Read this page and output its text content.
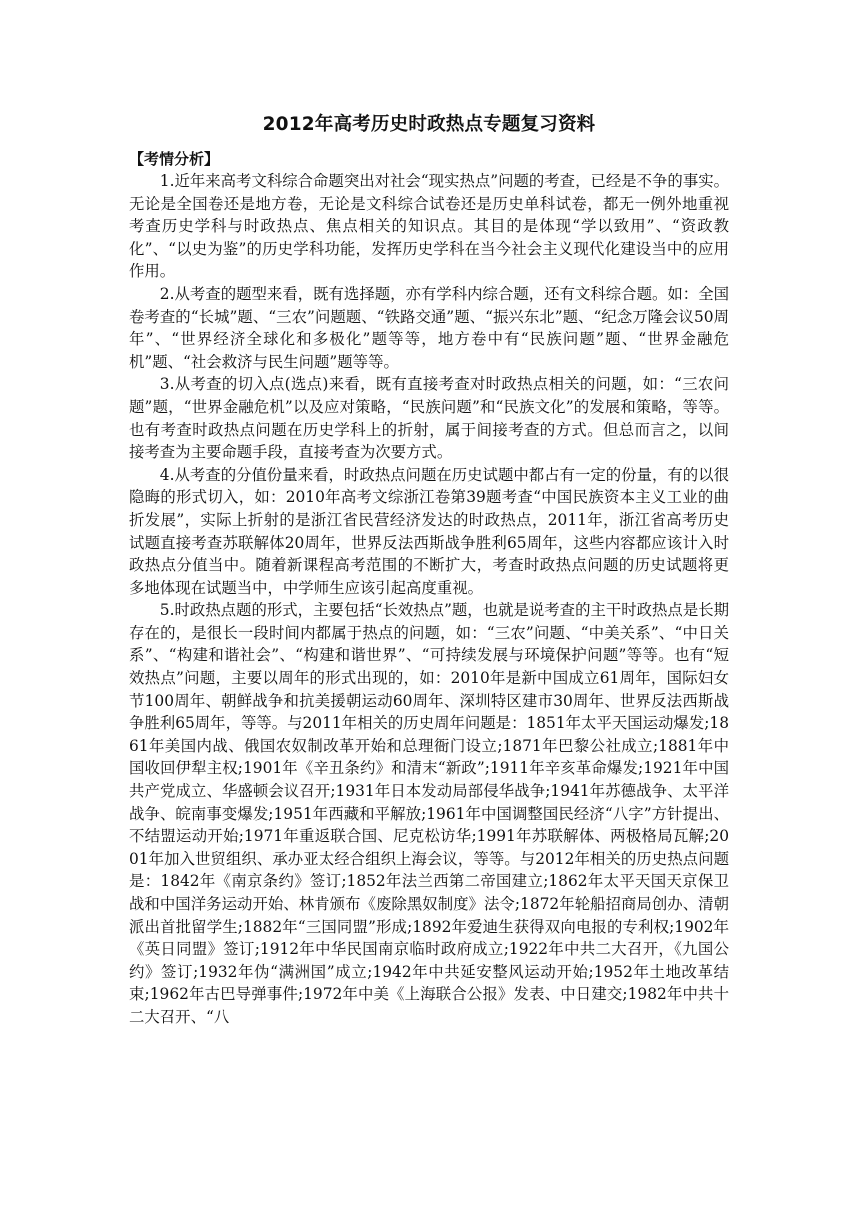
2012年高考历史时政热点专题复习资料
【考情分析】

1.近年来高考文科综合命题突出对社会“现实热点”问题的考查，已经是不争的事实。无论是全国卷还是地方卷，无论是文科综合试卷还是历史单科试卷，都无一例外地重视考查历史学科与时政热点、焦点相关的知识点。其目的是体现“学以致用”、“资政教化”、“以史为鉴”的历史学科功能，发挥历史学科在当今社会主义现代化建设当中的应用作用。

2.从考查的题型来看，既有选择题，亦有学科内综合题，还有文科综合题。如：全国卷考查的“长城”题、“三农”问题题、“铁路交通”题、“振兴东北”题、“纪念万隆会议50周年”、“世界经济全球化和多极化”题等等，地方卷中有“民族问题”题、“世界金融危机”题、“社会救济与民生问题”题等等。

3.从考查的切入点(选点)来看，既有直接考查对时政热点相关的问题，如：“三农问题”题，“世界金融危机”以及应对策略，“民族问题”和“民族文化”的发展和策略，等等。也有考查时政热点问题在历史学科上的折射，属于间接考查的方式。但总而言之，以间接考查为主要命题手段，直接考查为次要方式。

4.从考查的分值份量来看，时政热点问题在历史试题中都占有一定的份量，有的以很隐晦的形式切入，如：2010年高考文综浙江卷第39题考查“中国民族资本主义工业的曲折发展”，实际上折射的是浙江省民营经济发达的时政热点，2011年，浙江省高考历史试题直接考查苏联解体20周年，世界反法西斯战争胜利65周年，这些内容都应该计入时政热点分值当中。随着新课程高考范围的不断扩大，考查时政热点问题的历史试题将更多地体现在试题当中，中学师生应该引起高度重视。

5.时政热点题的形式，主要包括“长效热点”题，也就是说考查的主干时政热点是长期存在的，是很长一段时间内都属于热点的问题，如：“三农”问题、“中美关系”、“中日关系”、“构建和谐社会”、“构建和谐世界”、“可持续发展与环境保护问题”等等。也有“短效热点”问题，主要以周年的形式出现的，如：2010年是新中国成立61周年，国际妇女节100周年、朝鲜战争和抗美援朝运动60周年、深圳特区建市30周年、世界反法西斯战争胜利65周年，等等。与2011年相关的历史周年问题是：1851年太平天国运动爆发;1861年美国内战、俄国农奴制改革开始和总理衙门设立;1871年巴黎公社成立;1881年中国收回伊犁主权;1901年《辛丑条约》和清末“新政”;1911年辛亥革命爆发;1921年中国共产党成立、华盛顿会议召开;1931年日本发动局部侵华战争;1941年苏德战争、太平洋战争、皖南事变爆发;1951年西藏和平解放;1961年中国调整国民经济“八字”方针提出、不结盟运动开始;1971年重返联合国、尼克松访华;1991年苏联解体、两极格局瓦解;2001年加入世贸组织、承办亚太经合组织上海会议，等等。与2012年相关的历史热点问题是：1842年《南京条约》签订;1852年法兰西第二帝国建立;1862年太平天国天京保卫战和中国洋务运动开始、林肯颁布《废除黑奴制度》法令;1872年轮船招商局创办、清朝派出首批留学生;1882年“三国同盟”形成;1892年爱迪生获得双向电报的专利权;1902年《英日同盟》签订;1912年中华民国南京临时政府成立;1922年中共二大召开，《九国公约》签订;1932年伪“满洲国”成立;1942年中共延安整风运动开始;1952年土地改革结束;1962年古巴导弹事件;1972年中美《上海联合公报》发表、中日建交;1982年中共十二大召开、“八
